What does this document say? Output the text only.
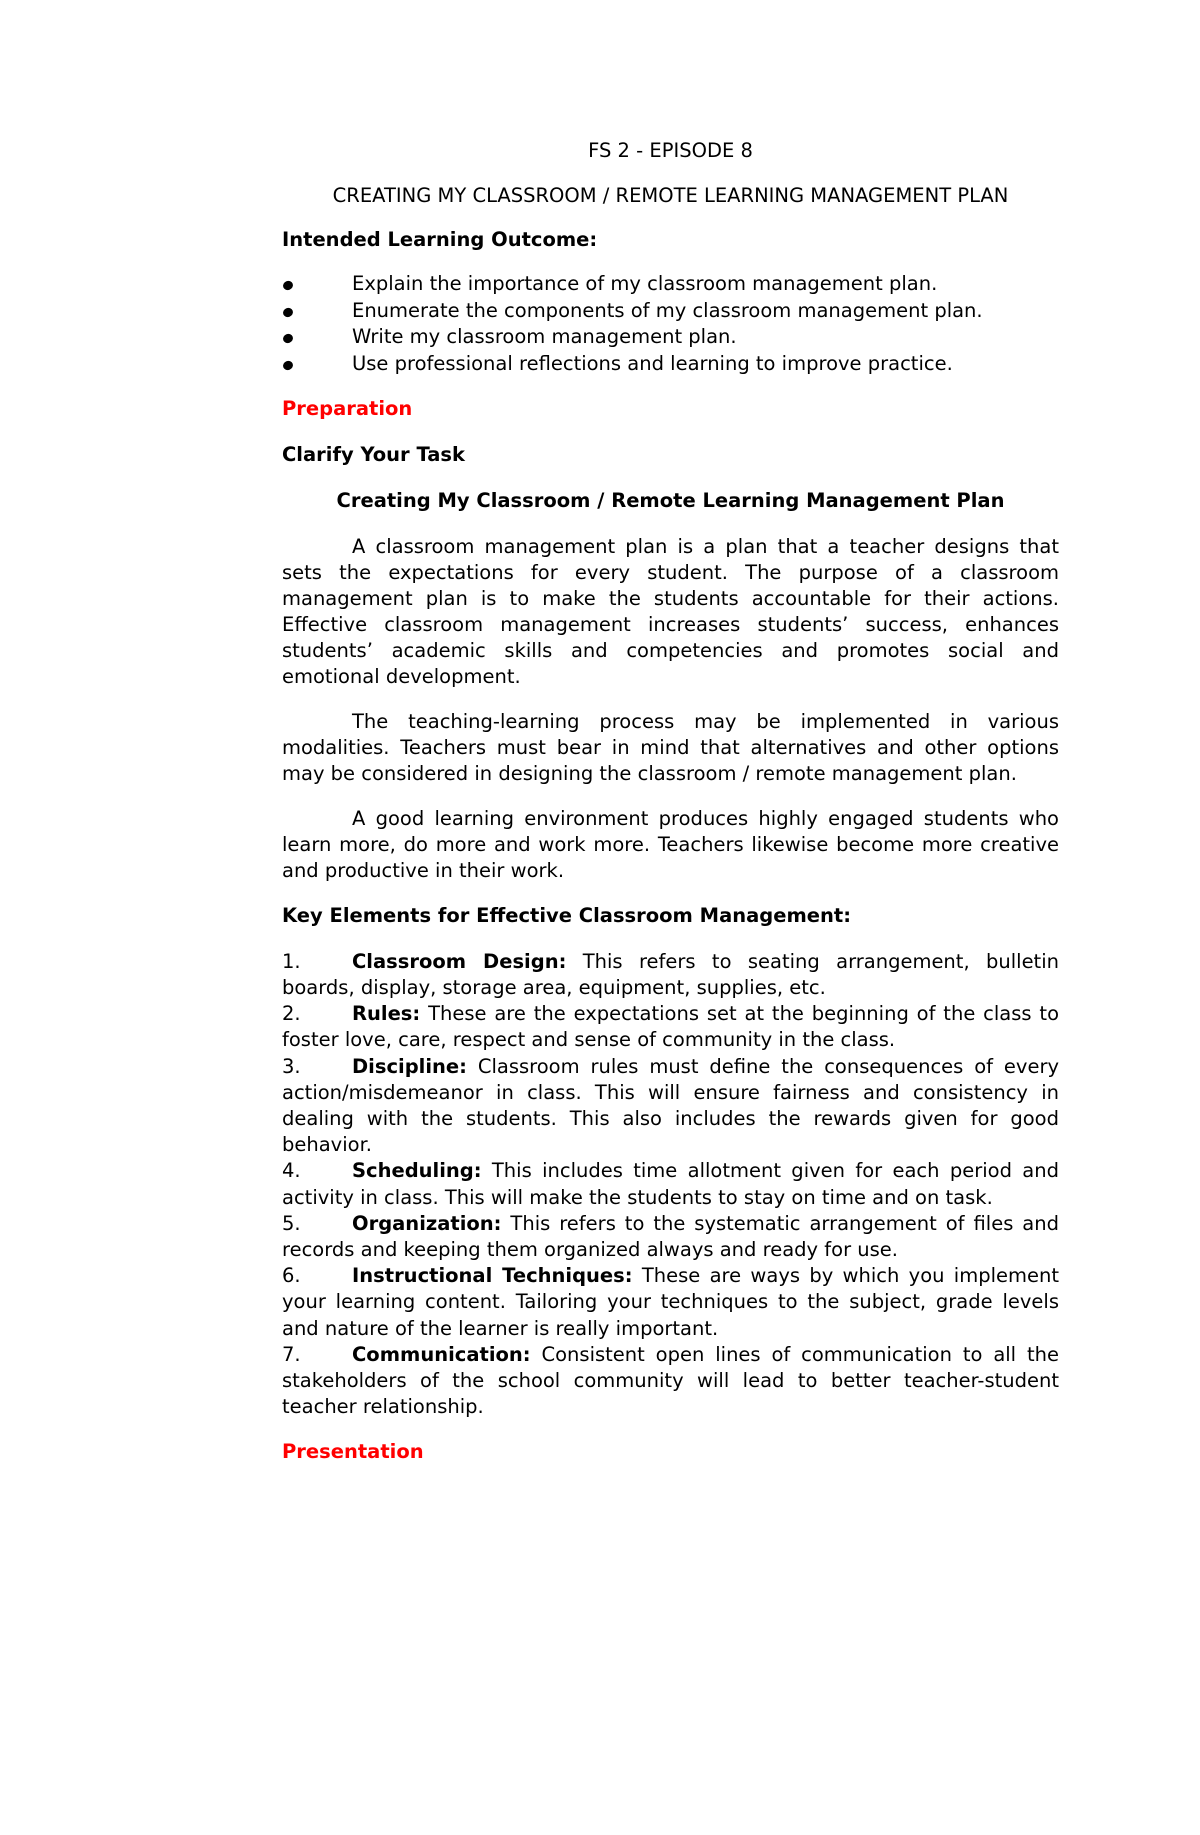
FS 2 - EPISODE 8

CREATING MY CLASSROOM / REMOTE LEARNING MANAGEMENT PLAN

Intended Learning Outcome:

Explain the importance of my classroom management plan.
Enumerate the components of my classroom management plan.
Write my classroom management plan.
Use professional reflections and learning to improve practice.

Preparation

Clarify Your Task

Creating My Classroom / Remote Learning Management Plan

A classroom management plan is a plan that a teacher designs that sets the expectations for every student. The purpose of a classroom management plan is to make the students accountable for their actions. Effective classroom management increases students’ success, enhances students’ academic skills and competencies and promotes social and emotional development.

The teaching-learning process may be implemented in various modalities. Teachers must bear in mind that alternatives and other options may be considered in designing the classroom / remote management plan.

A good learning environment produces highly engaged students who learn more, do more and work more. Teachers likewise become more creative and productive in their work.

Key Elements for Effective Classroom Management:

1.	Classroom Design: This refers to seating arrangement, bulletin boards, display, storage area, equipment, supplies, etc.
2.	Rules: These are the expectations set at the beginning of the class to foster love, care, respect and sense of community in the class.
3.	Discipline: Classroom rules must define the consequences of every action/misdemeanor in class. This will ensure fairness and consistency in dealing with the students. This also includes the rewards given for good behavior.
4.	Scheduling: This includes time allotment given for each period and activity in class. This will make the students to stay on time and on task.
5.	Organization: This refers to the systematic arrangement of files and records and keeping them organized always and ready for use.
6.	Instructional Techniques: These are ways by which you implement your learning content. Tailoring your techniques to the subject, grade levels and nature of the learner is really important.
7.	Communication: Consistent open lines of communication to all the stakeholders of the school community will lead to better teacher-student teacher relationship.

Presentation
